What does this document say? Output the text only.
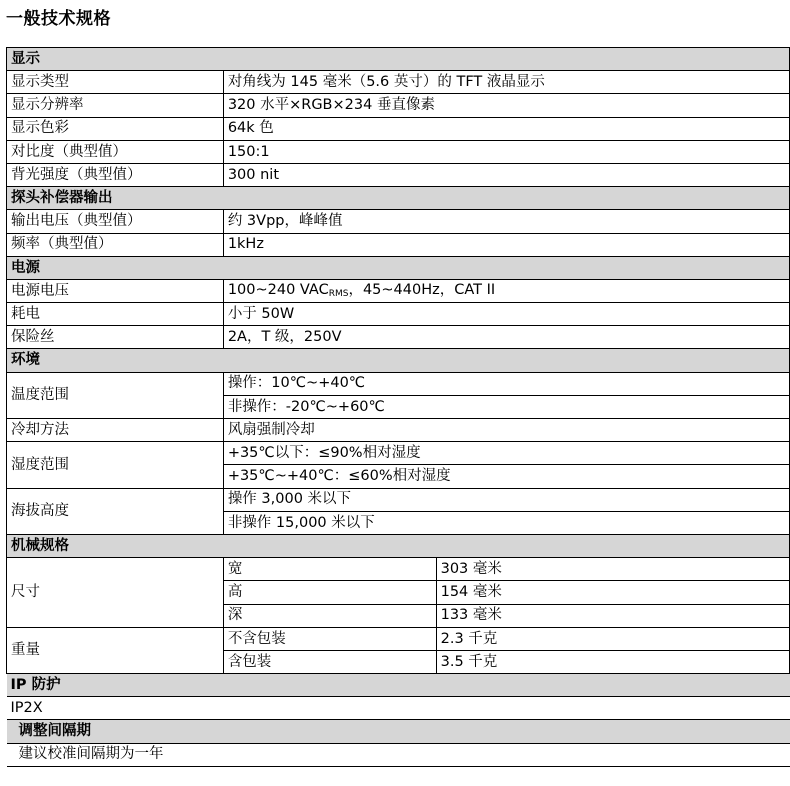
一般技术规格
显示		
显示类型	对角线为 145 毫米（5.6 英寸）的 TFT 液晶显示	
显示分辨率	320 水平×RGB×234 垂直像素	
显示色彩	64k 色	
对比度（典型值）	150:1	
背光强度（典型值）	300 nit	
探头补偿器输出		
输出电压（典型值）	约 3Vpp，峰峰值	
频率（典型值）	1kHz	
电源		
电源电压	100~240 $VAC_{RMS}$，45~440Hz，CAT II	
耗电	小于 50W	
保险丝	2A，T 级，250V	
环境		
温度范围	操作：10℃~+40℃	
	非操作：-20℃~+60℃	
冷却方法	风扇强制冷却	
湿度范围	+35℃以下：≤90%相对湿度	
	+35℃~+40℃：≤60%相对湿度	
海拔高度	操作 3,000 米以下	
	非操作 15,000 米以下	
机械规格		
尺寸	宽	303 毫米
	高	154 毫米
	深	133 毫米
重量	不含包装	2.3 千克
	含包装	3.5 千克
IP 防护		
IP2X		
调整间隔期		
建议校准间隔期为一年		
